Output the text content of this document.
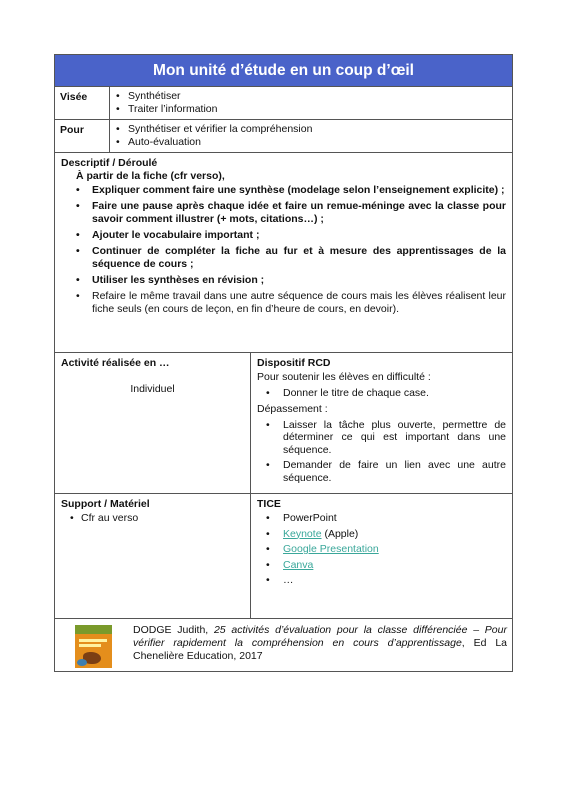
Mon unité d’étude en un coup d’œil
Visée	• Synthétiser
• Traiter l’information
Pour	• Synthétiser et vérifier la compréhension
• Auto-évaluation
Descriptif / Déroulé
À partir de la fiche (cfr verso),
• Expliquer comment faire une synthèse (modelage selon l’enseignement explicite) ;
• Faire une pause après chaque idée et faire un remue-méninge avec la classe pour savoir comment illustrer (+ mots, citations…) ;
• Ajouter le vocabulaire important ;
• Continuer de compléter la fiche au fur et à mesure des apprentissages de la séquence de cours ;
• Utiliser les synthèses en révision ;
• Refaire le même travail dans une autre séquence de cours mais les élèves réalisent leur fiche seuls (en cours de leçon, en fin d’heure de cours, en devoir).
Activité réalisée en …
Individuel
Dispositif RCD
Pour soutenir les élèves en difficulté :
• Donner le titre de chaque case.
Dépassement :
• Laisser la tâche plus ouverte, permettre de déterminer ce qui est important dans une séquence.
• Demander de faire un lien avec une autre séquence.
Support / Matériel
• Cfr au verso
TICE
• PowerPoint
• Keynote (Apple)
• Google Presentation
• Canva
• …
DODGE Judith, 25 activités d’évaluation pour la classe différenciée – Pour vérifier rapidement la compréhension en cours d’apprentissage, Ed La Chenelière Education, 2017
